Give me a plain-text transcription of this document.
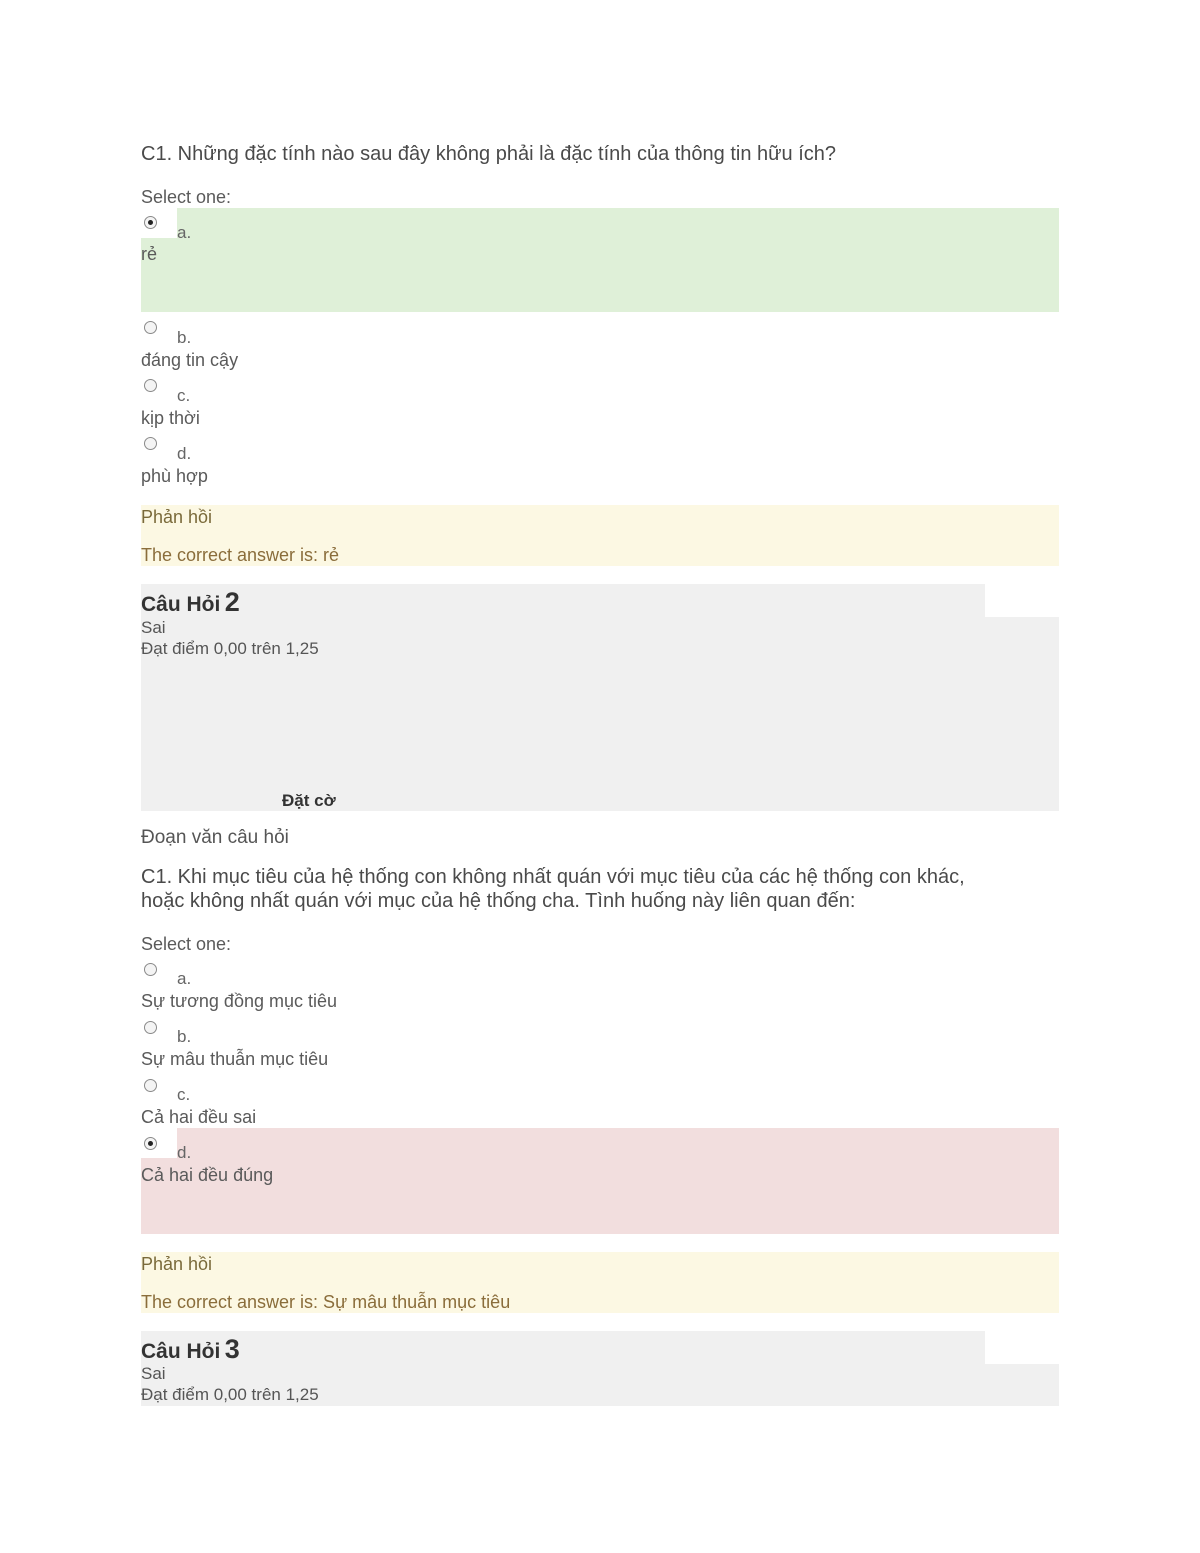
C1. Những đặc tính nào sau đây không phải là đặc tính của thông tin hữu ích?
Select one:
a.
rẻ
b.
đáng tin cậy
c.
kịp thời
d.
phù hợp
Phản hồi
The correct answer is: rẻ
Câu Hỏi 2
Sai
Đạt điểm 0,00 trên 1,25
Đặt cờ
Đoạn văn câu hỏi
C1. Khi mục tiêu của hệ thống con không nhất quán với mục tiêu của các hệ thống con khác,
hoặc không nhất quán với mục của hệ thống cha. Tình huống này liên quan đến:
Select one:
a.
Sự tương đồng mục tiêu
b.
Sự mâu thuẫn mục tiêu
c.
Cả hai đều sai
d.
Cả hai đều đúng
Phản hồi
The correct answer is: Sự mâu thuẫn mục tiêu
Câu Hỏi 3
Sai
Đạt điểm 0,00 trên 1,25
